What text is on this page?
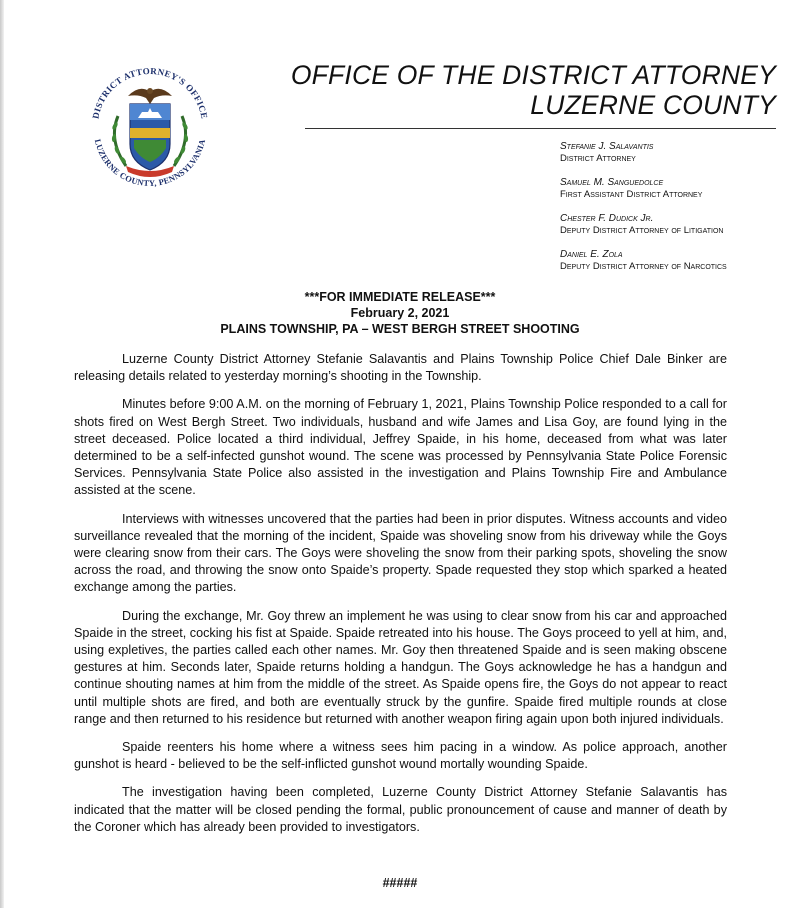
DISTRICT ATTORNEY'S OFFICE
LUZERNE COUNTY, PENNSYLVANIA
OFFICE OF THE DISTRICT ATTORNEY
LUZERNE COUNTY
Stefanie J. Salavantis
District Attorney
Samuel M. Sanguedolce
First Assistant District Attorney
Chester F. Dudick Jr.
Deputy District Attorney of Litigation
Daniel E. Zola
Deputy District Attorney of Narcotics
***FOR IMMEDIATE RELEASE***
February 2, 2021
PLAINS TOWNSHIP, PA – WEST BERGH STREET SHOOTING

Luzerne County District Attorney Stefanie Salavantis and Plains Township Police Chief Dale Binker are releasing details related to yesterday morning’s shooting in the Township.

Minutes before 9:00 A.M. on the morning of February 1, 2021, Plains Township Police responded to a call for shots fired on West Bergh Street. Two individuals, husband and wife James and Lisa Goy, are found lying in the street deceased. Police located a third individual, Jeffrey Spaide, in his home, deceased from what was later determined to be a self-infected gunshot wound. The scene was processed by Pennsylvania State Police Forensic Services. Pennsylvania State Police also assisted in the investigation and Plains Township Fire and Ambulance assisted at the scene.

Interviews with witnesses uncovered that the parties had been in prior disputes. Witness accounts and video surveillance revealed that the morning of the incident, Spaide was shoveling snow from his driveway while the Goys were clearing snow from their cars. The Goys were shoveling the snow from their parking spots, shoveling the snow across the road, and throwing the snow onto Spaide’s property. Spade requested they stop which sparked a heated exchange among the parties.

During the exchange, Mr. Goy threw an implement he was using to clear snow from his car and approached Spaide in the street, cocking his fist at Spaide. Spaide retreated into his house. The Goys proceed to yell at him, and, using expletives, the parties called each other names. Mr. Goy then threatened Spaide and is seen making obscene gestures at him. Seconds later, Spaide returns holding a handgun. The Goys acknowledge he has a handgun and continue shouting names at him from the middle of the street. As Spaide opens fire, the Goys do not appear to react until multiple shots are fired, and both are eventually struck by the gunfire. Spaide fired multiple rounds at close range and then returned to his residence but returned with another weapon firing again upon both injured individuals.

Spaide reenters his home where a witness sees him pacing in a window. As police approach, another gunshot is heard - believed to be the self-inflicted gunshot wound mortally wounding Spaide.

The investigation having been completed, Luzerne County District Attorney Stefanie Salavantis has indicated that the matter will be closed pending the formal, public pronouncement of cause and manner of death by the Coroner which has already been provided to investigators.

#####
